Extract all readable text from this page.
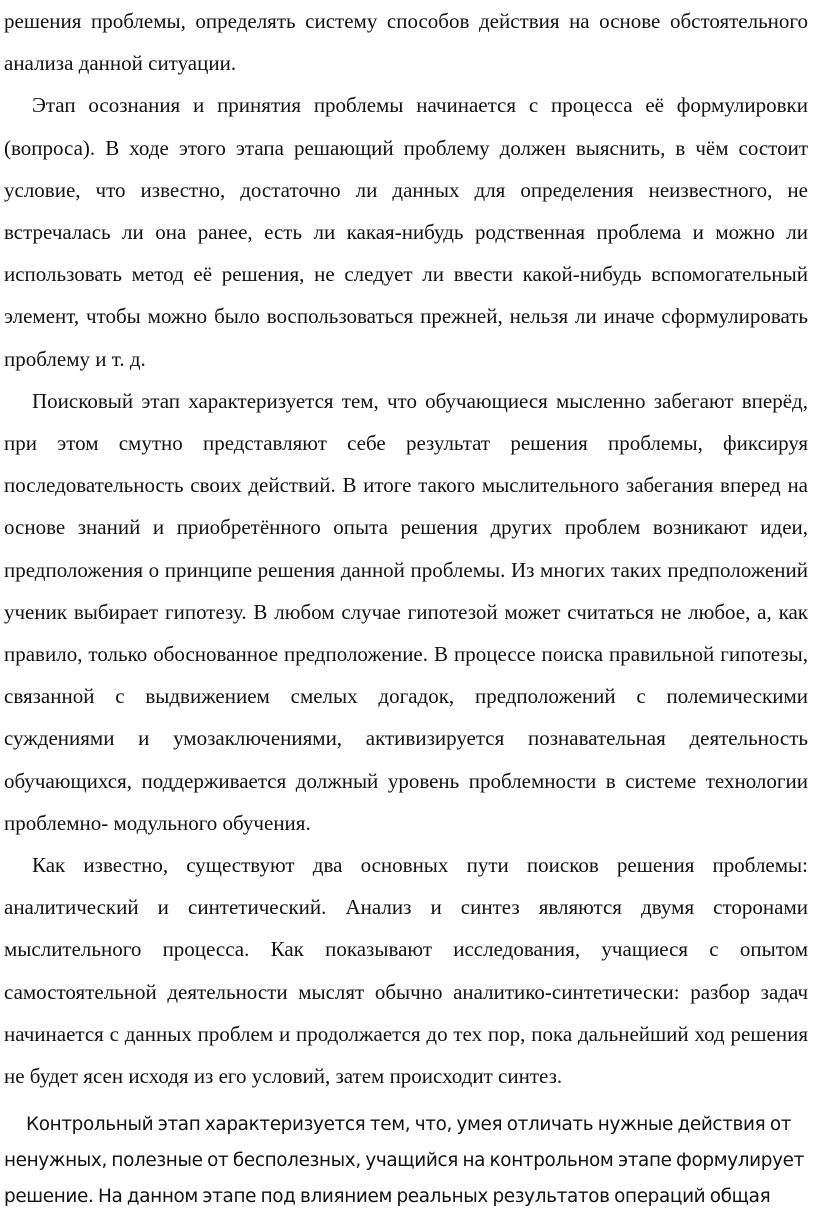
решения проблемы, определять систему способов действия на основе обстоятельного анализа данной ситуации.

Этап осознания и принятия проблемы начинается с процесса её формулировки (вопроса). В ходе этого этапа решающий проблему должен выяснить, в чём состоит условие, что известно, достаточно ли данных для определения неизвестного, не встречалась ли она ранее, есть ли какая-нибудь родственная проблема и можно ли использовать метод её решения, не следует ли ввести какой-нибудь вспомогательный элемент, чтобы можно было воспользоваться прежней, нельзя ли иначе сформулировать проблему и т. д.

Поисковый этап характеризуется тем, что обучающиеся мысленно забегают вперёд, при этом смутно представляют себе результат решения проблемы, фиксируя последовательность своих действий. В итоге такого мыслительного забегания вперед на основе знаний и приобретённого опыта решения других проблем возникают идеи, предположения о принципе решения данной проблемы. Из многих таких предположений ученик выбирает гипотезу. В любом случае гипотезой может считаться не любое, а, как правило, только обоснованное предположение. В процессе поиска правильной гипотезы, связанной с выдвижением смелых догадок, предположений с полемическими суждениями и умозаключениями, активизируется познавательная деятельность обучающихся, поддерживается должный уровень проблемности в системе технологии проблемно- модульного обучения.

Как известно, существуют два основных пути поисков решения проблемы: аналитический и синтетический. Анализ и синтез являются двумя сторонами мыслительного процесса. Как показывают исследования, учащиеся с опытом самостоятельной деятельности мыслят обычно аналитико-синтетически: разбор задач начинается с данных проблем и продолжается до тех пор, пока дальнейший ход решения не будет ясен исходя из его условий, затем происходит синтез.

Контрольный этап характеризуется тем, что, умея отличать нужные действия от ненужных, полезные от бесполезных, учащийся на контрольном этапе формулирует решение. На данном этапе под влиянием реальных результатов операций общая
